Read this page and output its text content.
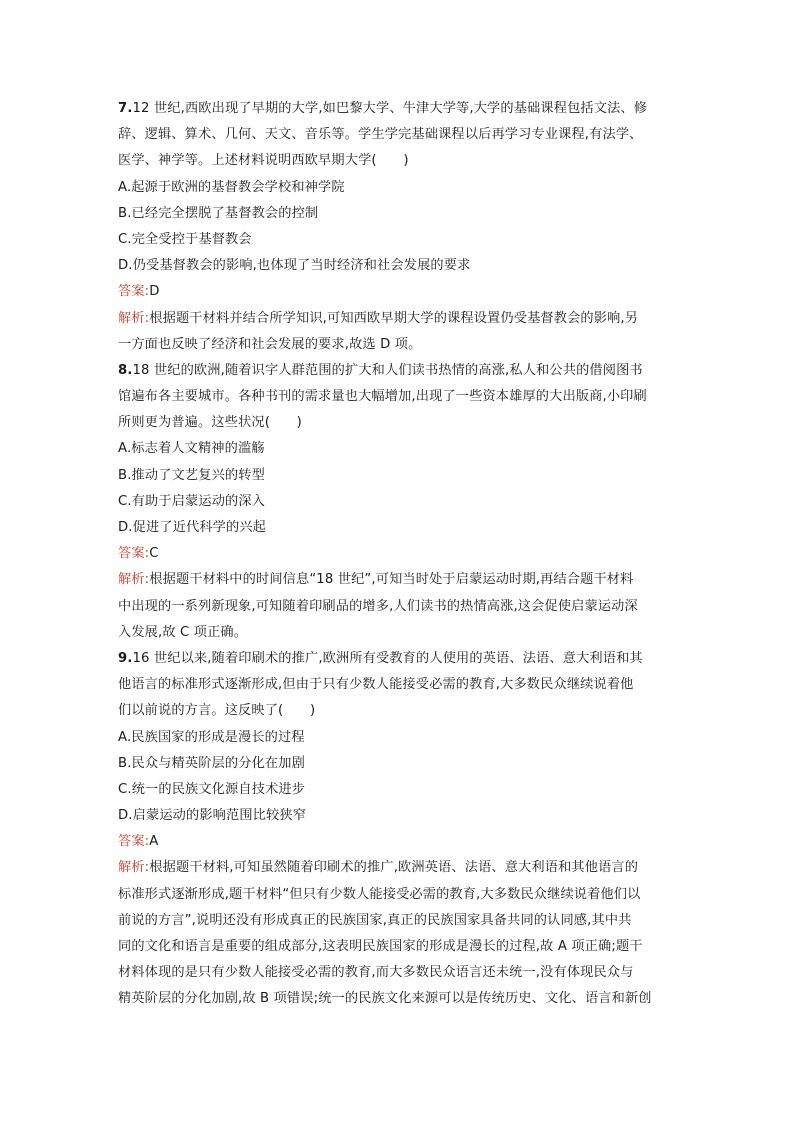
7.12 世纪,西欧出现了早期的大学,如巴黎大学、牛津大学等,大学的基础课程包括文法、修
辞、逻辑、算术、几何、天文、音乐等。学生学完基础课程以后再学习专业课程,有法学、
医学、神学等。上述材料说明西欧早期大学(　　)
A.起源于欧洲的基督教会学校和神学院
B.已经完全摆脱了基督教会的控制
C.完全受控于基督教会
D.仍受基督教会的影响,也体现了当时经济和社会发展的要求
答案:D
解析:根据题干材料并结合所学知识,可知西欧早期大学的课程设置仍受基督教会的影响,另
一方面也反映了经济和社会发展的要求,故选 D 项。
8.18 世纪的欧洲,随着识字人群范围的扩大和人们读书热情的高涨,私人和公共的借阅图书
馆遍布各主要城市。各种书刊的需求量也大幅增加,出现了一些资本雄厚的大出版商,小印刷
所则更为普遍。这些状况(　　)
A.标志着人文精神的滥觞
B.推动了文艺复兴的转型
C.有助于启蒙运动的深入
D.促进了近代科学的兴起
答案:C
解析:根据题干材料中的时间信息“18 世纪”,可知当时处于启蒙运动时期,再结合题干材料
中出现的一系列新现象,可知随着印刷品的增多,人们读书的热情高涨,这会促使启蒙运动深
入发展,故 C 项正确。
9.16 世纪以来,随着印刷术的推广,欧洲所有受教育的人使用的英语、法语、意大利语和其
他语言的标准形式逐渐形成,但由于只有少数人能接受必需的教育,大多数民众继续说着他
们以前说的方言。这反映了(　　)
A.民族国家的形成是漫长的过程
B.民众与精英阶层的分化在加剧
C.统一的民族文化源自技术进步
D.启蒙运动的影响范围比较狭窄
答案:A
解析:根据题干材料,可知虽然随着印刷术的推广,欧洲英语、法语、意大利语和其他语言的
标准形式逐渐形成,题干材料“但只有少数人能接受必需的教育,大多数民众继续说着他们以
前说的方言”,说明还没有形成真正的民族国家,真正的民族国家具备共同的认同感,其中共
同的文化和语言是重要的组成部分,这表明民族国家的形成是漫长的过程,故 A 项正确;题干
材料体现的是只有少数人能接受必需的教育,而大多数民众语言还未统一,没有体现民众与
精英阶层的分化加剧,故 B 项错误;统一的民族文化来源可以是传统历史、文化、语言和新创
